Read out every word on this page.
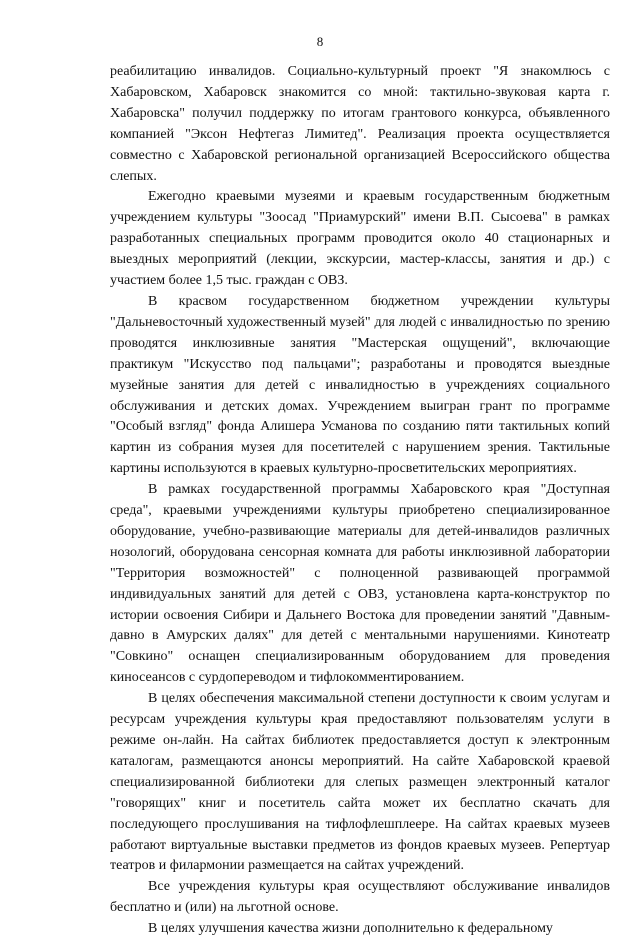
8

реабилитацию инвалидов. Социально-культурный проект "Я знакомлюсь с Хабаровском, Хабаровск знакомится со мной: тактильно-звуковая карта г. Хабаровска" получил поддержку по итогам грантового конкурса, объявленного компанией "Эксон Нефтегаз Лимитед". Реализация проекта осуществляется совместно с Хабаровской региональной организацией Всероссийского общества слепых.

Ежегодно краевыми музеями и краевым государственным бюджетным учреждением культуры "Зоосад "Приамурский" имени В.П. Сысоева" в рамках разработанных специальных программ проводится около 40 стационарных и выездных мероприятий (лекции, экскурсии, мастер-классы, занятия и др.) с участием более 1,5 тыс. граждан с ОВЗ.

В красвом государственном бюджетном учреждении культуры "Дальневосточный художественный музей" для людей с инвалидностью по зрению проводятся инклюзивные занятия "Мастерская ощущений", включающие практикум "Искусство под пальцами"; разработаны и проводятся выездные музейные занятия для детей с инвалидностью в учреждениях социального обслуживания и детских домах. Учреждением выигран грант по программе "Особый взгляд" фонда Алишера Усманова по созданию пяти тактильных копий картин из собрания музея для посетителей с нарушением зрения. Тактильные картины используются в краевых культурно-просветительских мероприятиях.

В рамках государственной программы Хабаровского края "Доступная среда", краевыми учреждениями культуры приобретено специализированное оборудование, учебно-развивающие материалы для детей-инвалидов различных нозологий, оборудована сенсорная комната для работы инклюзивной лаборатории "Территория возможностей" с полноценной развивающей программой индивидуальных занятий для детей с ОВЗ, установлена карта-конструктор по истории освоения Сибири и Дальнего Востока для проведении занятий "Давным-давно в Амурских далях" для детей с ментальными нарушениями. Кинотеатр "Совкино" оснащен специализированным оборудованием для проведения киносеансов с сурдопереводом и тифлокомментированием.

В целях обеспечения максимальной степени доступности к своим услугам и ресурсам учреждения культуры края предоставляют пользователям услуги в режиме он-лайн. На сайтах библиотек предоставляется доступ к электронным каталогам, размещаются анонсы мероприятий. На сайте Хабаровской краевой специализированной библиотеки для слепых размещен электронный каталог "говорящих" книг и посетитель сайта может их бесплатно скачать для последующего прослушивания на тифлофлешплеере. На сайтах краевых музеев работают виртуальные выставки предметов из фондов краевых музеев. Репертуар театров и филармонии размещается на сайтах учреждений.

Все учреждения культуры края осуществляют обслуживание инвалидов бесплатно и (или) на льготной основе.

В целях улучшения качества жизни дополнительно к федеральному
